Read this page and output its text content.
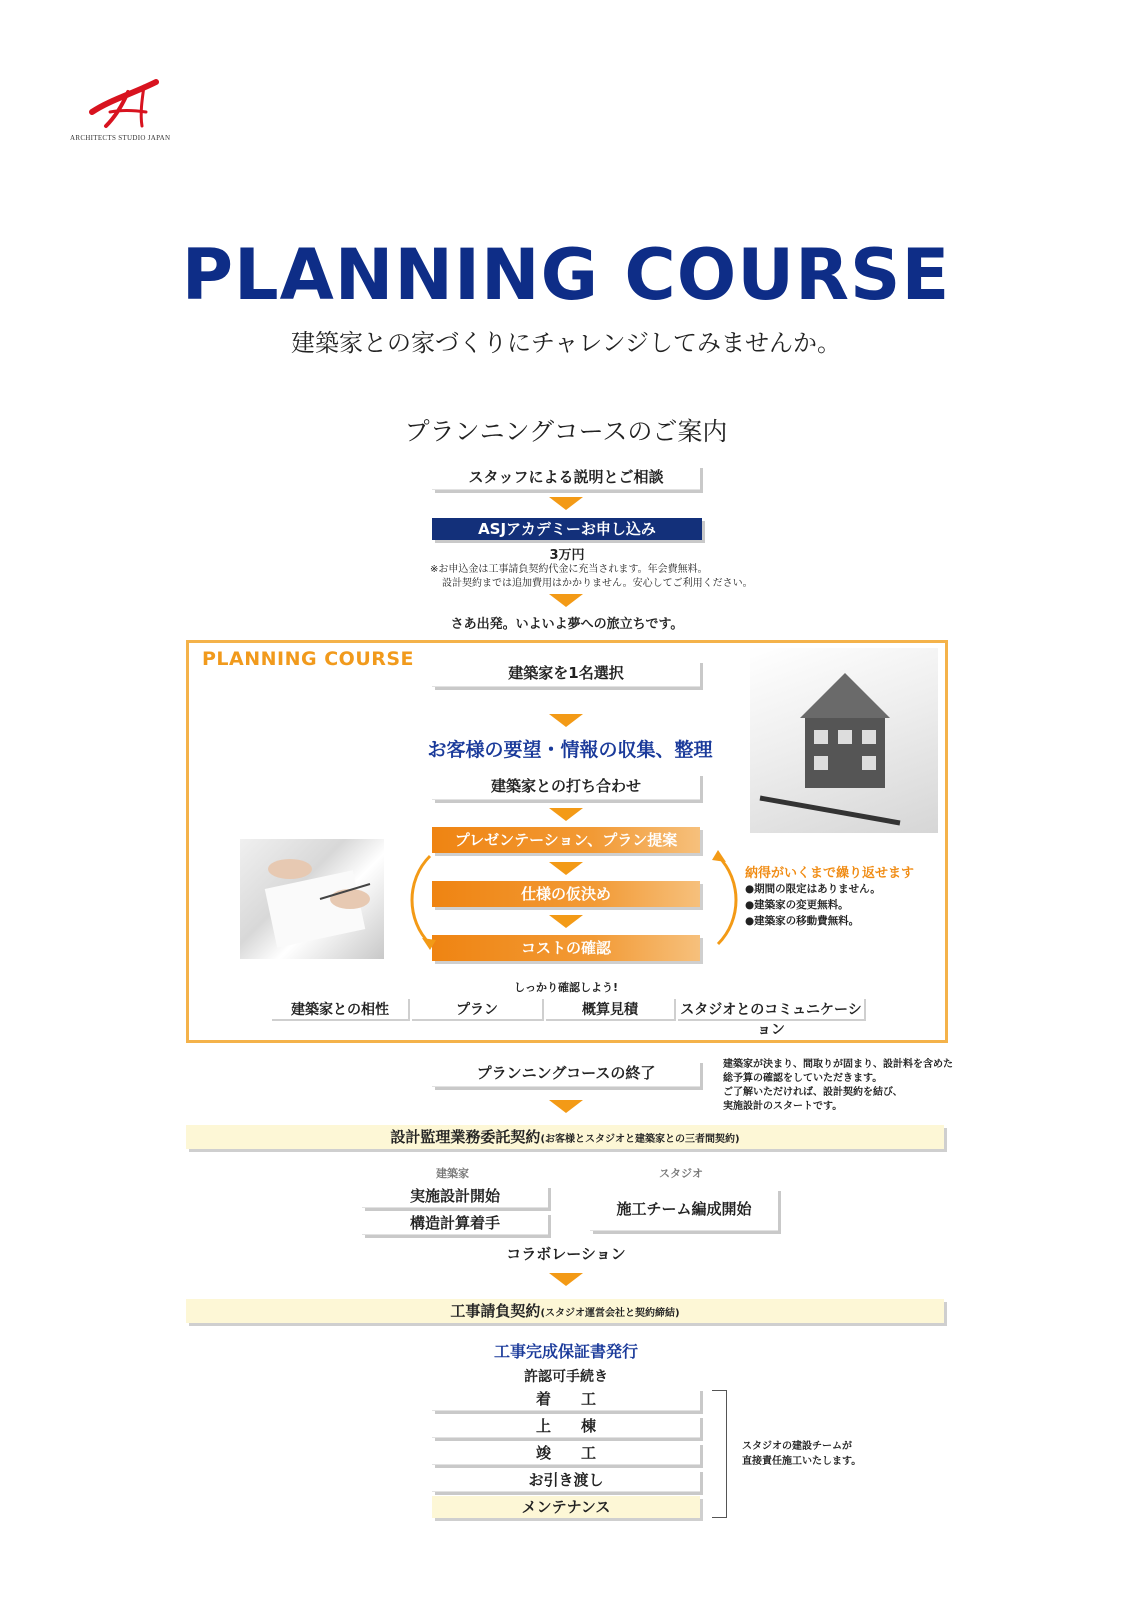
ARCHITECTS STUDIO JAPAN
PLANNING COURSE
建築家との家づくりにチャレンジしてみませんか。
プランニングコースのご案内
スタッフによる説明とご相談
ASJアカデミーお申し込み
3万円
※お申込金は工事請負契約代金に充当されます。年会費無料。
設計契約までは追加費用はかかりません。安心してご利用ください。
さあ出発。いよいよ夢への旅立ちです。
PLANNING COURSE
建築家を1名選択
お客様の要望・情報の収集、整理
建築家との打ち合わせ
プレゼンテーション、プラン提案
仕様の仮決め
コストの確認
納得がいくまで繰り返せます
●期間の限定はありません。
●建築家の変更無料。
●建築家の移動費無料。
しっかり確認しよう!
建築家との相性	プラン	概算見積	スタジオとのコミュニケーション
プランニングコースの終了	建築家が決まり、間取りが固まり、設計料を含めた
総予算の確認をしていただきます。
ご了解いただければ、設計契約を結び、
実施設計のスタートです。
設計監理業務委託契約(お客様とスタジオと建築家との三者間契約)
建築家	スタジオ
実施設計開始
構造計算着手
施工チーム編成開始
コラボレーション
工事請負契約(スタジオ運営会社と契約締結)
工事完成保証書発行
許認可手続き
着　　工
上　　棟
竣　　工
お引き渡し
メンテナンス
スタジオの建設チームが
直接責任施工いたします。
